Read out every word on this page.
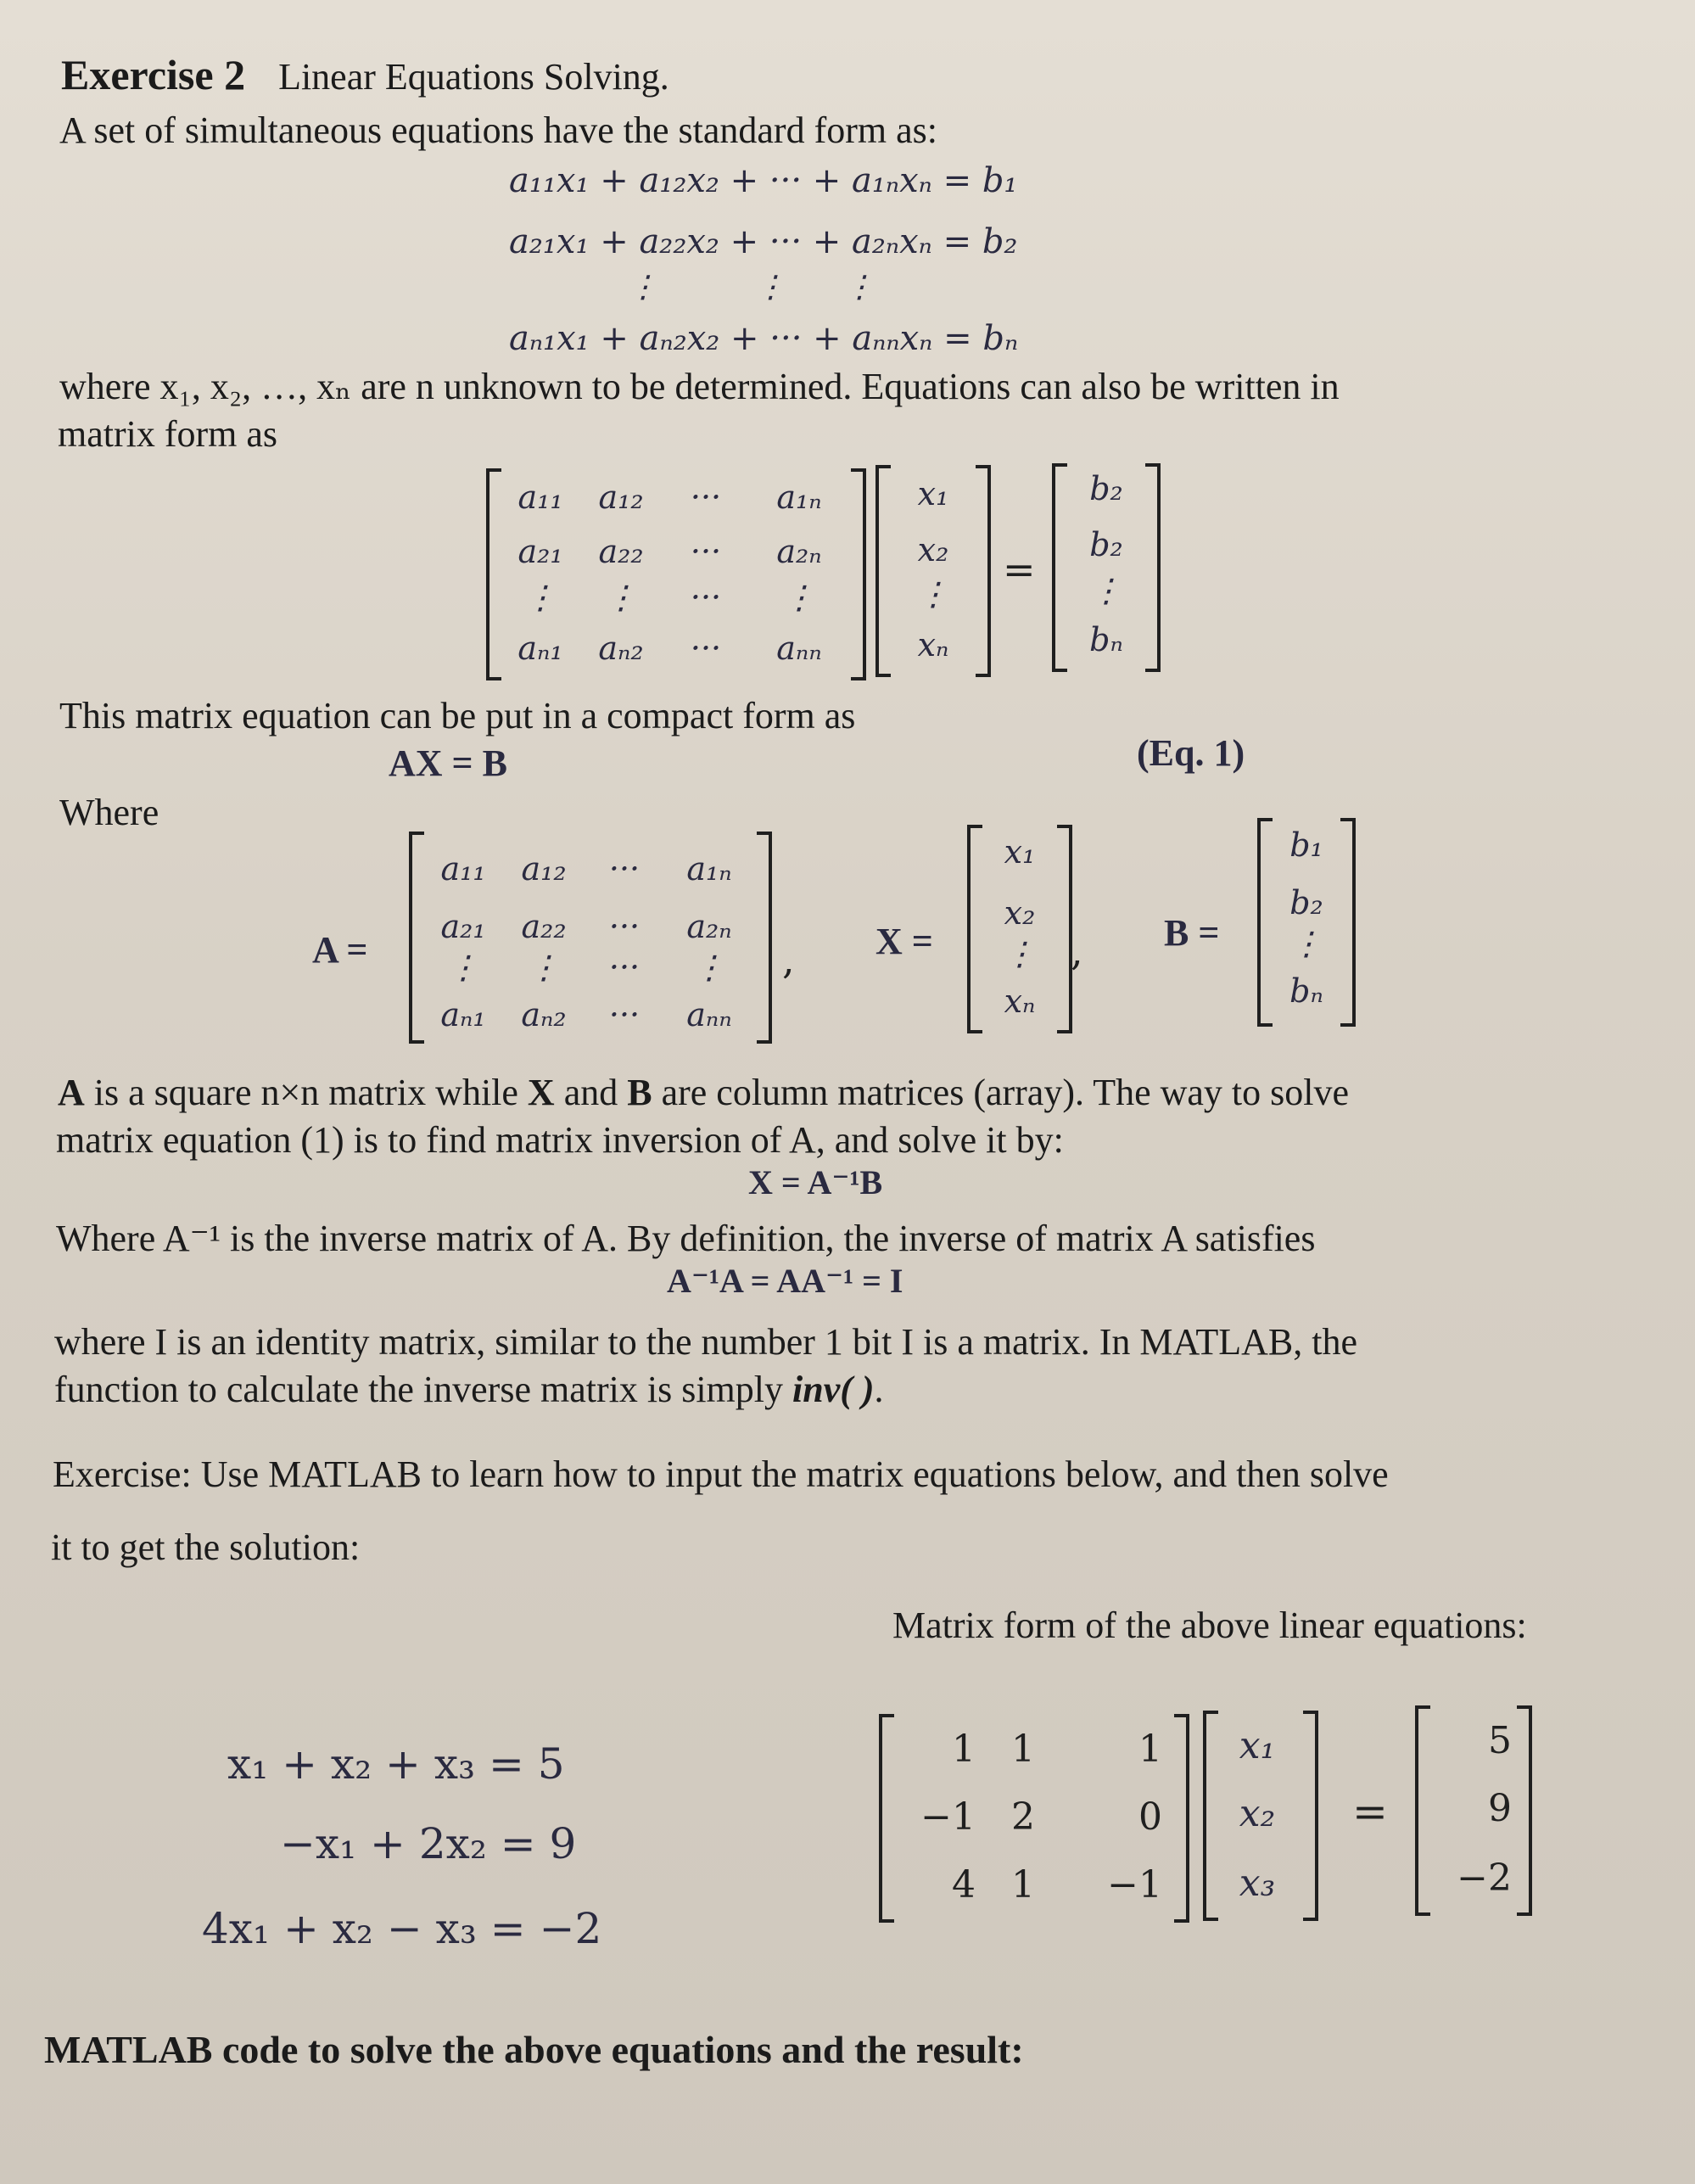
Exercise 2 Linear Equations Solving.
A set of simultaneous equations have the standard form as:
a₁₁x₁ + a₁₂x₂ + ··· + a₁ₙxₙ = b₁
a₂₁x₁ + a₂₂x₂ + ··· + a₂ₙxₙ = b₂
⋮          ⋮      ⋮
aₙ₁x₁ + aₙ₂x₂ + ··· + aₙₙxₙ = bₙ
where x₁, x₂, …, xₙ are n unknown to be determined. Equations can also be written in
matrix form as
a₁₁	a₁₂	···	a₁ₙ
a₂₁	a₂₂	···	a₂ₙ
⋮	⋮	···	⋮
aₙ₁	aₙ₂	···	aₙₙ
x₁
x₂
⋮
xₙ
=
b₂
b₂
⋮
bₙ
This matrix equation can be put in a compact form as
AX = B	(Eq. 1)
Where
A =
a₁₁	a₁₂	···	a₁ₙ
a₂₁	a₂₂	···	a₂ₙ
⋮	⋮	···	⋮
aₙ₁	aₙ₂	···	aₙₙ
, X =
x₁
x₂
⋮
xₙ
, B =
b₁
b₂
⋮
bₙ
A is a square n×n matrix while X and B are column matrices (array). The way to solve
matrix equation (1) is to find matrix inversion of A, and solve it by:
X = A⁻¹B
Where A⁻¹ is the inverse matrix of A. By definition, the inverse of matrix A satisfies
A⁻¹A = AA⁻¹ = I
where I is an identity matrix, similar to the number 1 bit I is a matrix. In MATLAB, the
function to calculate the inverse matrix is simply inv( ).
Exercise: Use MATLAB to learn how to input the matrix equations below, and then solve
it to get the solution:
Matrix form of the above linear equations:
x₁ + x₂ + x₃ = 5
−x₁ + 2x₂ = 9
4x₁ + x₂ − x₃ = −2
1 1	1
−1 2	0
4 1	−1
x₁
x₂
x₃
=
5
9
−2
MATLAB code to solve the above equations and the result:
